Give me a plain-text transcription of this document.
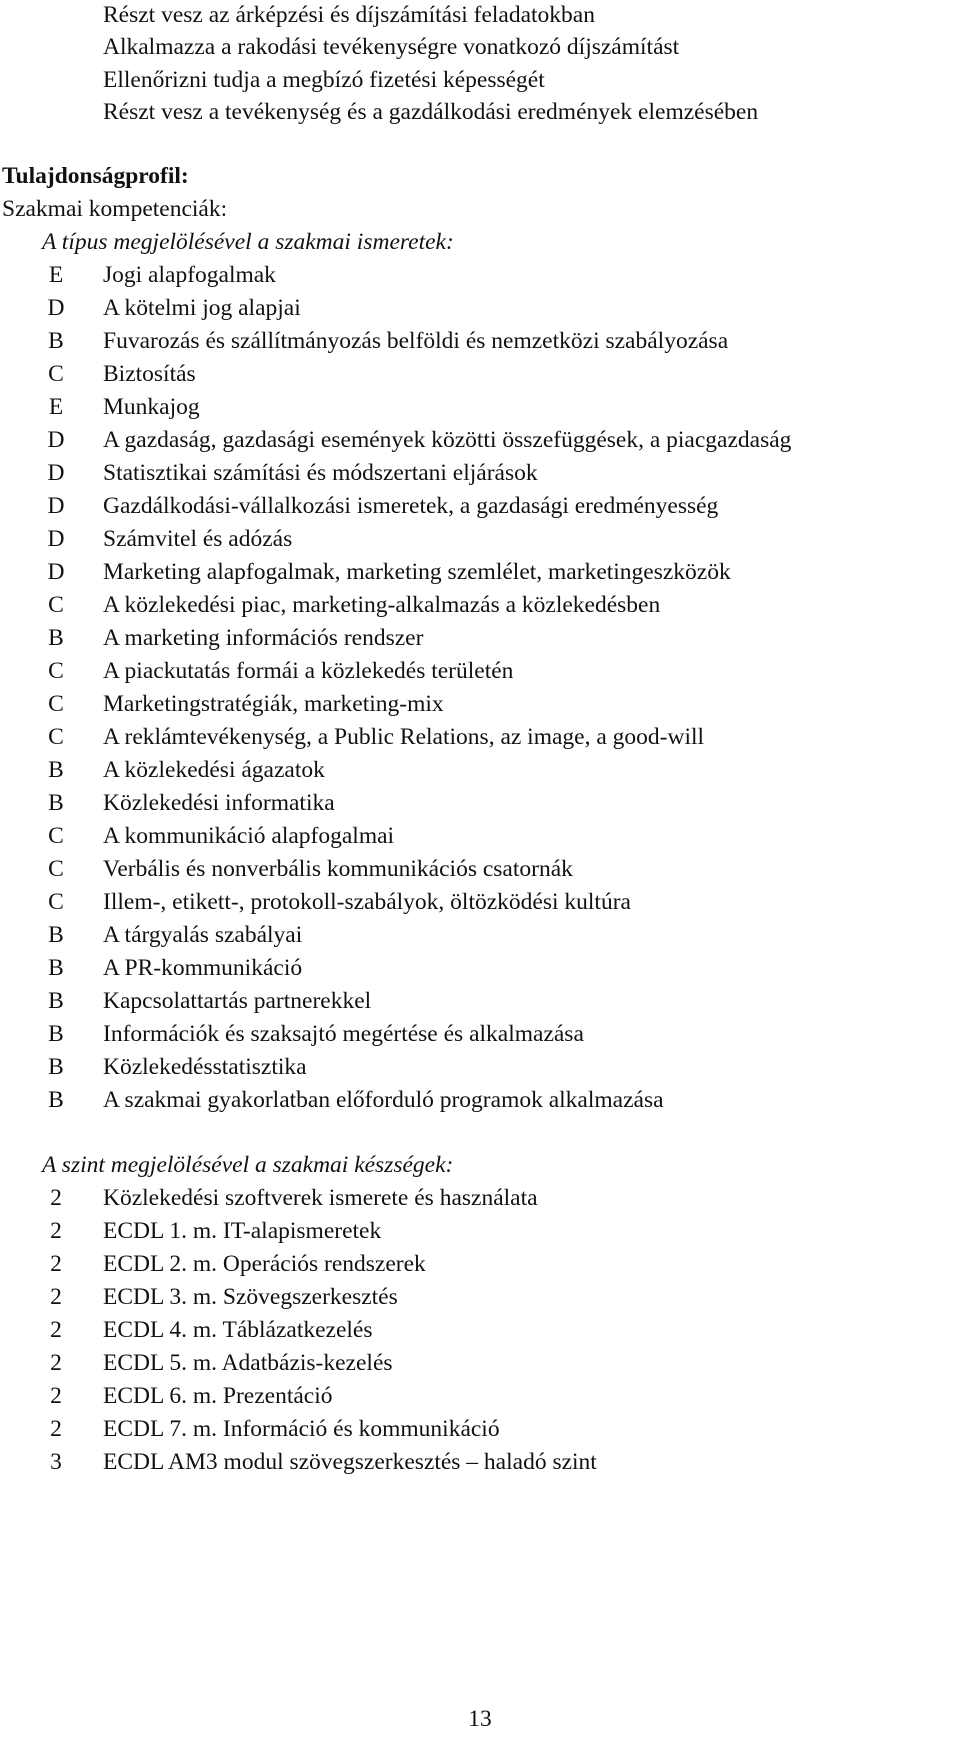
Részt vesz az árképzési és díjszámítási feladatokban
Alkalmazza a rakodási tevékenységre vonatkozó díjszámítást
Ellenőrizni tudja a megbízó fizetési képességét
Részt vesz a tevékenység és a gazdálkodási eredmények elemzésében
Tulajdonságprofil:
Szakmai kompetenciák:
A típus megjelölésével a szakmai ismeretek:
E	Jogi alapfogalmak
D	A kötelmi jog alapjai
B	Fuvarozás és szállítmányozás belföldi és nemzetközi szabályozása
C	Biztosítás
E	Munkajog
D	A gazdaság, gazdasági események közötti összefüggések, a piacgazdaság
D	Statisztikai számítási és módszertani eljárások
D	Gazdálkodási-vállalkozási ismeretek, a gazdasági eredményesség
D	Számvitel és adózás
D	Marketing alapfogalmak, marketing szemlélet, marketingeszközök
C	A közlekedési piac, marketing-alkalmazás a közlekedésben
B	A marketing információs rendszer
C	A piackutatás formái a közlekedés területén
C	Marketingstratégiák, marketing-mix
C	A reklámtevékenység, a Public Relations, az image, a good-will
B	A közlekedési ágazatok
B	Közlekedési informatika
C	A kommunikáció alapfogalmai
C	Verbális és nonverbális kommunikációs csatornák
C	Illem-, etikett-, protokoll-szabályok, öltözködési kultúra
B	A tárgyalás szabályai
B	A PR-kommunikáció
B	Kapcsolattartás partnerekkel
B	Információk és szaksajtó megértése és alkalmazása
B	Közlekedésstatisztika
B	A szakmai gyakorlatban előforduló programok alkalmazása
A szint megjelölésével a szakmai készségek:
2	Közlekedési szoftverek ismerete és használata
2	ECDL 1. m. IT-alapismeretek
2	ECDL 2. m. Operációs rendszerek
2	ECDL 3. m. Szövegszerkesztés
2	ECDL 4. m. Táblázatkezelés
2	ECDL 5. m. Adatbázis-kezelés
2	ECDL 6. m. Prezentáció
2	ECDL 7. m. Információ és kommunikáció
3	ECDL AM3 modul szövegszerkesztés – haladó szint
13
